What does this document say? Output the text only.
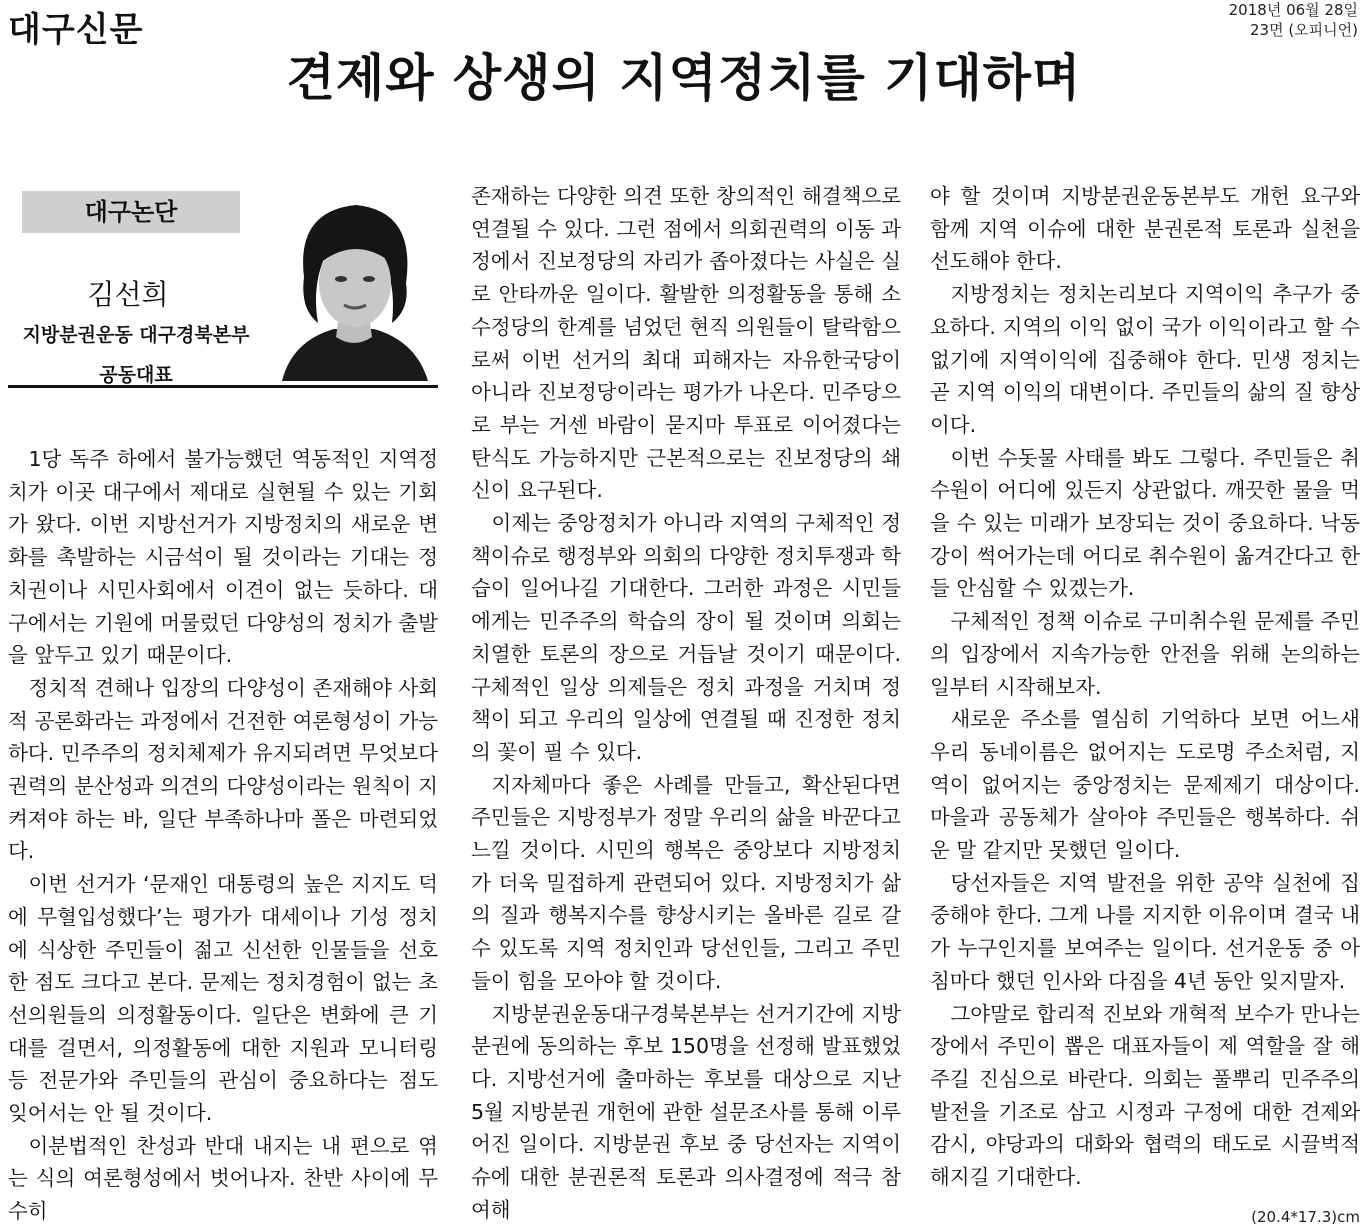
대구신문	2018년 06월 28일
23면 (오피니언)
견제와 상생의 지역정치를 기대하며
대구논단
김선희
지방분권운동 대구경북본부
공동대표

1당 독주 하에서 불가능했던 역동적인 지역정치가 이곳 대구에서 제대로 실현될 수 있는 기회가 왔다. 이번 지방선거가 지방정치의 새로운 변화를 촉발하는 시금석이 될 것이라는 기대는 정치권이나 시민사회에서 이견이 없는 듯하다. 대구에서는 기원에 머물렀던 다양성의 정치가 출발을 앞두고 있기 때문이다.

정치적 견해나 입장의 다양성이 존재해야 사회적 공론화라는 과정에서 건전한 여론형성이 가능하다. 민주주의 정치체제가 유지되려면 무엇보다 권력의 분산성과 의견의 다양성이라는 원칙이 지켜져야 하는 바, 일단 부족하나마 폴은 마련되었다.

이번 선거가 ‘문재인 대통령의 높은 지지도 덕에 무혈입성했다’는 평가가 대세이나 기성 정치에 식상한 주민들이 젊고 신선한 인물들을 선호한 점도 크다고 본다. 문제는 정치경험이 없는 초선의원들의 의정활동이다. 일단은 변화에 큰 기대를 걸면서, 의정활동에 대한 지원과 모니터링 등 전문가와 주민들의 관심이 중요하다는 점도 잊어서는 안 될 것이다.

이분법적인 찬성과 반대 내지는 내 편으로 엮는 식의 여론형성에서 벗어나자. 찬반 사이에 무수히

존재하는 다양한 의견 또한 창의적인 해결책으로 연결될 수 있다. 그런 점에서 의회권력의 이동 과정에서 진보정당의 자리가 좁아졌다는 사실은 실로 안타까운 일이다. 활발한 의정활동을 통해 소수정당의 한계를 넘었던 현직 의원들이 탈락함으로써 이번 선거의 최대 피해자는 자유한국당이 아니라 진보정당이라는 평가가 나온다. 민주당으로 부는 거센 바람이 묻지마 투표로 이어졌다는 탄식도 가능하지만 근본적으로는 진보정당의 쇄신이 요구된다.

이제는 중앙정치가 아니라 지역의 구체적인 정책이슈로 행정부와 의회의 다양한 정치투쟁과 학습이 일어나길 기대한다. 그러한 과정은 시민들에게는 민주주의 학습의 장이 될 것이며 의회는 치열한 토론의 장으로 거듭날 것이기 때문이다. 구체적인 일상 의제들은 정치 과정을 거치며 정책이 되고 우리의 일상에 연결될 때 진정한 정치의 꽃이 필 수 있다.

지자체마다 좋은 사례를 만들고, 확산된다면 주민들은 지방정부가 정말 우리의 삶을 바꾼다고 느낄 것이다. 시민의 행복은 중앙보다 지방정치가 더욱 밀접하게 관련되어 있다. 지방정치가 삶의 질과 행복지수를 향상시키는 올바른 길로 갈 수 있도록 지역 정치인과 당선인들, 그리고 주민들이 힘을 모아야 할 것이다.

지방분권운동대구경북본부는 선거기간에 지방분권에 동의하는 후보 150명을 선정해 발표했었다. 지방선거에 출마하는 후보를 대상으로 지난 5월 지방분권 개헌에 관한 설문조사를 통해 이루어진 일이다. 지방분권 후보 중 당선자는 지역이슈에 대한 분권론적 토론과 의사결정에 적극 참여해

야 할 것이며 지방분권운동본부도 개헌 요구와 함께 지역 이슈에 대한 분권론적 토론과 실천을 선도해야 한다.

지방정치는 정치논리보다 지역이익 추구가 중요하다. 지역의 이익 없이 국가 이익이라고 할 수 없기에 지역이익에 집중해야 한다. 민생 정치는 곧 지역 이익의 대변이다. 주민들의 삶의 질 향상이다.

이번 수돗물 사태를 봐도 그렇다. 주민들은 취수원이 어디에 있든지 상관없다. 깨끗한 물을 먹을 수 있는 미래가 보장되는 것이 중요하다. 낙동강이 썩어가는데 어디로 취수원이 옮겨간다고 한들 안심할 수 있겠는가.

구체적인 정책 이슈로 구미취수원 문제를 주민의 입장에서 지속가능한 안전을 위해 논의하는 일부터 시작해보자.

새로운 주소를 열심히 기억하다 보면 어느새 우리 동네이름은 없어지는 도로명 주소처럼, 지역이 없어지는 중앙정치는 문제제기 대상이다. 마을과 공동체가 살아야 주민들은 행복하다. 쉬운 말 같지만 못했던 일이다.

당선자들은 지역 발전을 위한 공약 실천에 집중해야 한다. 그게 나를 지지한 이유이며 결국 내가 누구인지를 보여주는 일이다. 선거운동 중 아침마다 했던 인사와 다짐을 4년 동안 잊지말자.

그야말로 합리적 진보와 개혁적 보수가 만나는 장에서 주민이 뽑은 대표자들이 제 역할을 잘 해주길 진심으로 바란다. 의회는 풀뿌리 민주주의 발전을 기조로 삼고 시정과 구정에 대한 견제와 감시, 야당과의 대화와 협력의 태도로 시끌벅적해지길 기대한다.

(20.4*17.3)cm
